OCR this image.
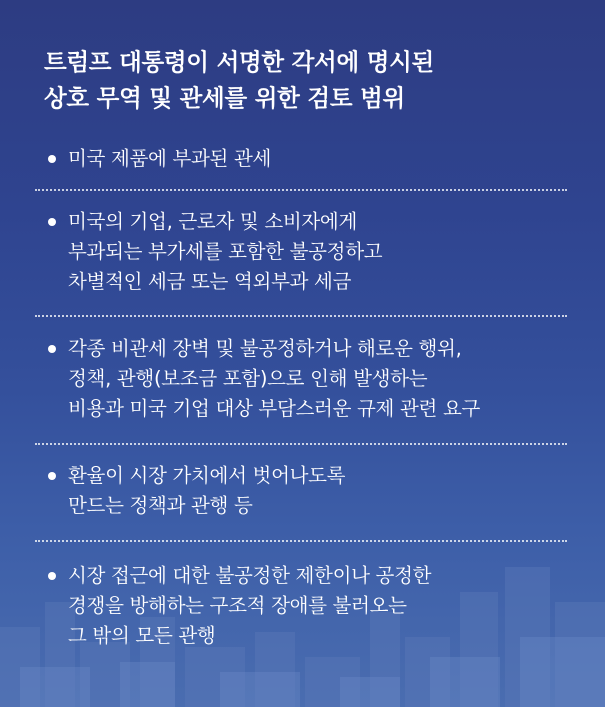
트럼프 대통령이 서명한 각서에 명시된
상호 무역 및 관세를 위한 검토 범위
미국 제품에 부과된 관세
미국의 기업, 근로자 및 소비자에게
부과되는 부가세를 포함한 불공정하고
차별적인 세금 또는 역외부과 세금
각종 비관세 장벽 및 불공정하거나 해로운 행위,
정책, 관행(보조금 포함)으로 인해 발생하는
비용과 미국 기업 대상 부담스러운 규제 관련 요구
환율이 시장 가치에서 벗어나도록
만드는 정책과 관행 등
시장 접근에 대한 불공정한 제한이나 공정한
경쟁을 방해하는 구조적 장애를 불러오는
그 밖의 모든 관행
